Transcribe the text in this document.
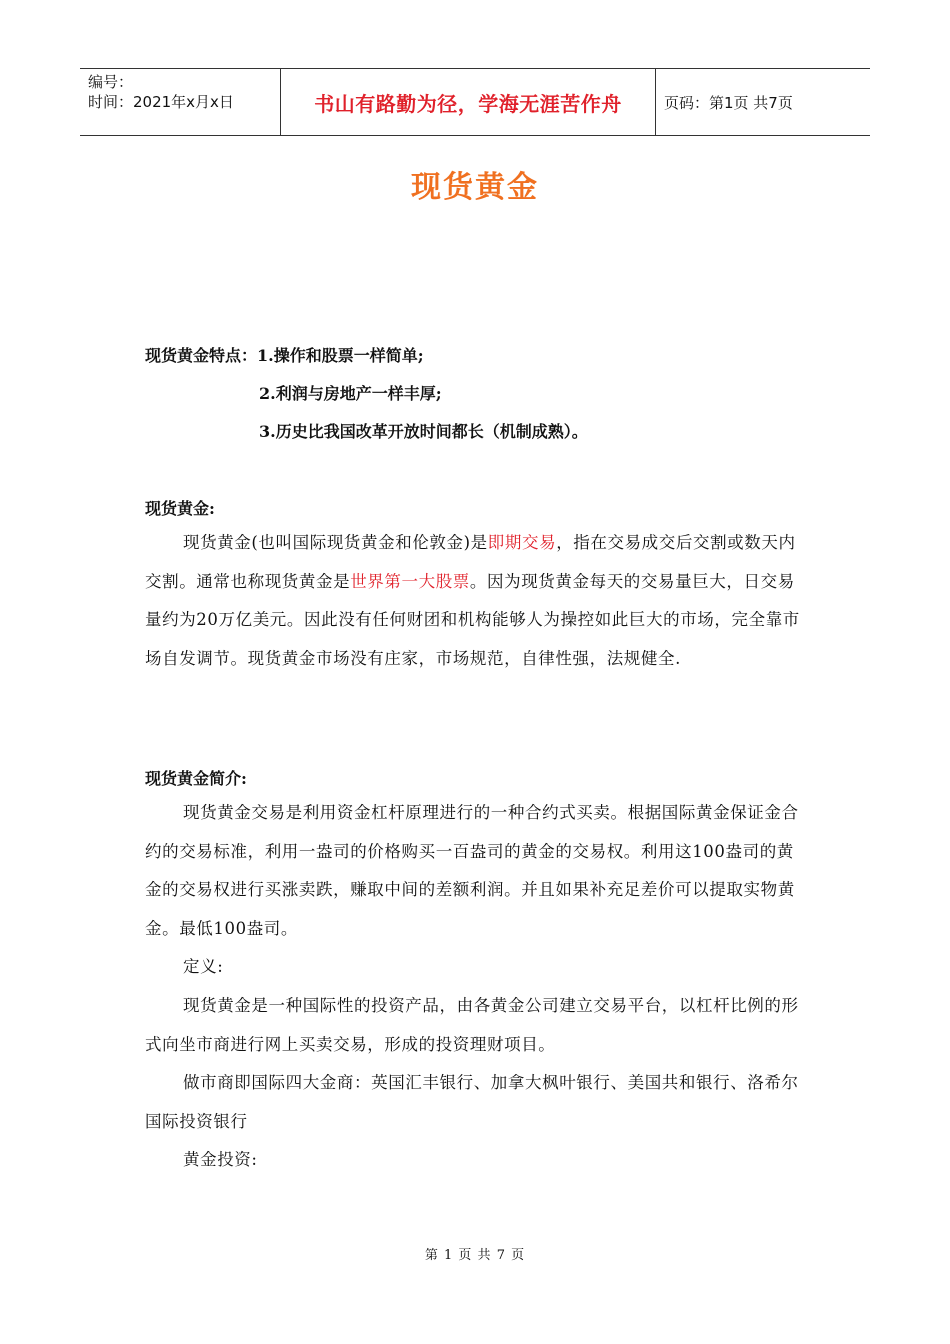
编号：
时间：2021年x月x日	书山有路勤为径，学海无涯苦作舟	页码：第1页 共7页
现货黄金
现货黄金特点：1.操作和股票一样简单;
2.利润与房地产一样丰厚;
3.历史比我国改革开放时间都长（机制成熟）。
现货黄金:

现货黄金(也叫国际现货黄金和伦敦金)是即期交易，指在交易成交后交割或数天内交割。通常也称现货黄金是世界第一大股票。因为现货黄金每天的交易量巨大，日交易量约为20万亿美元。因此没有任何财团和机构能够人为操控如此巨大的市场，完全靠市场自发调节。现货黄金市场没有庄家，市场规范，自律性强，法规健全.

现货黄金简介:

现货黄金交易是利用资金杠杆原理进行的一种合约式买卖。根据国际黄金保证金合约的交易标准，利用一盎司的价格购买一百盎司的黄金的交易权。利用这100盎司的黄金的交易权进行买涨卖跌，赚取中间的差额利润。并且如果补充足差价可以提取实物黄金。最低100盎司。

定义:

现货黄金是一种国际性的投资产品，由各黄金公司建立交易平台，以杠杆比例的形式向坐市商进行网上买卖交易，形成的投资理财项目。

做市商即国际四大金商：英国汇丰银行、加拿大枫叶银行、美国共和银行、洛希尔国际投资银行

黄金投资:

第 1 页 共 7 页
